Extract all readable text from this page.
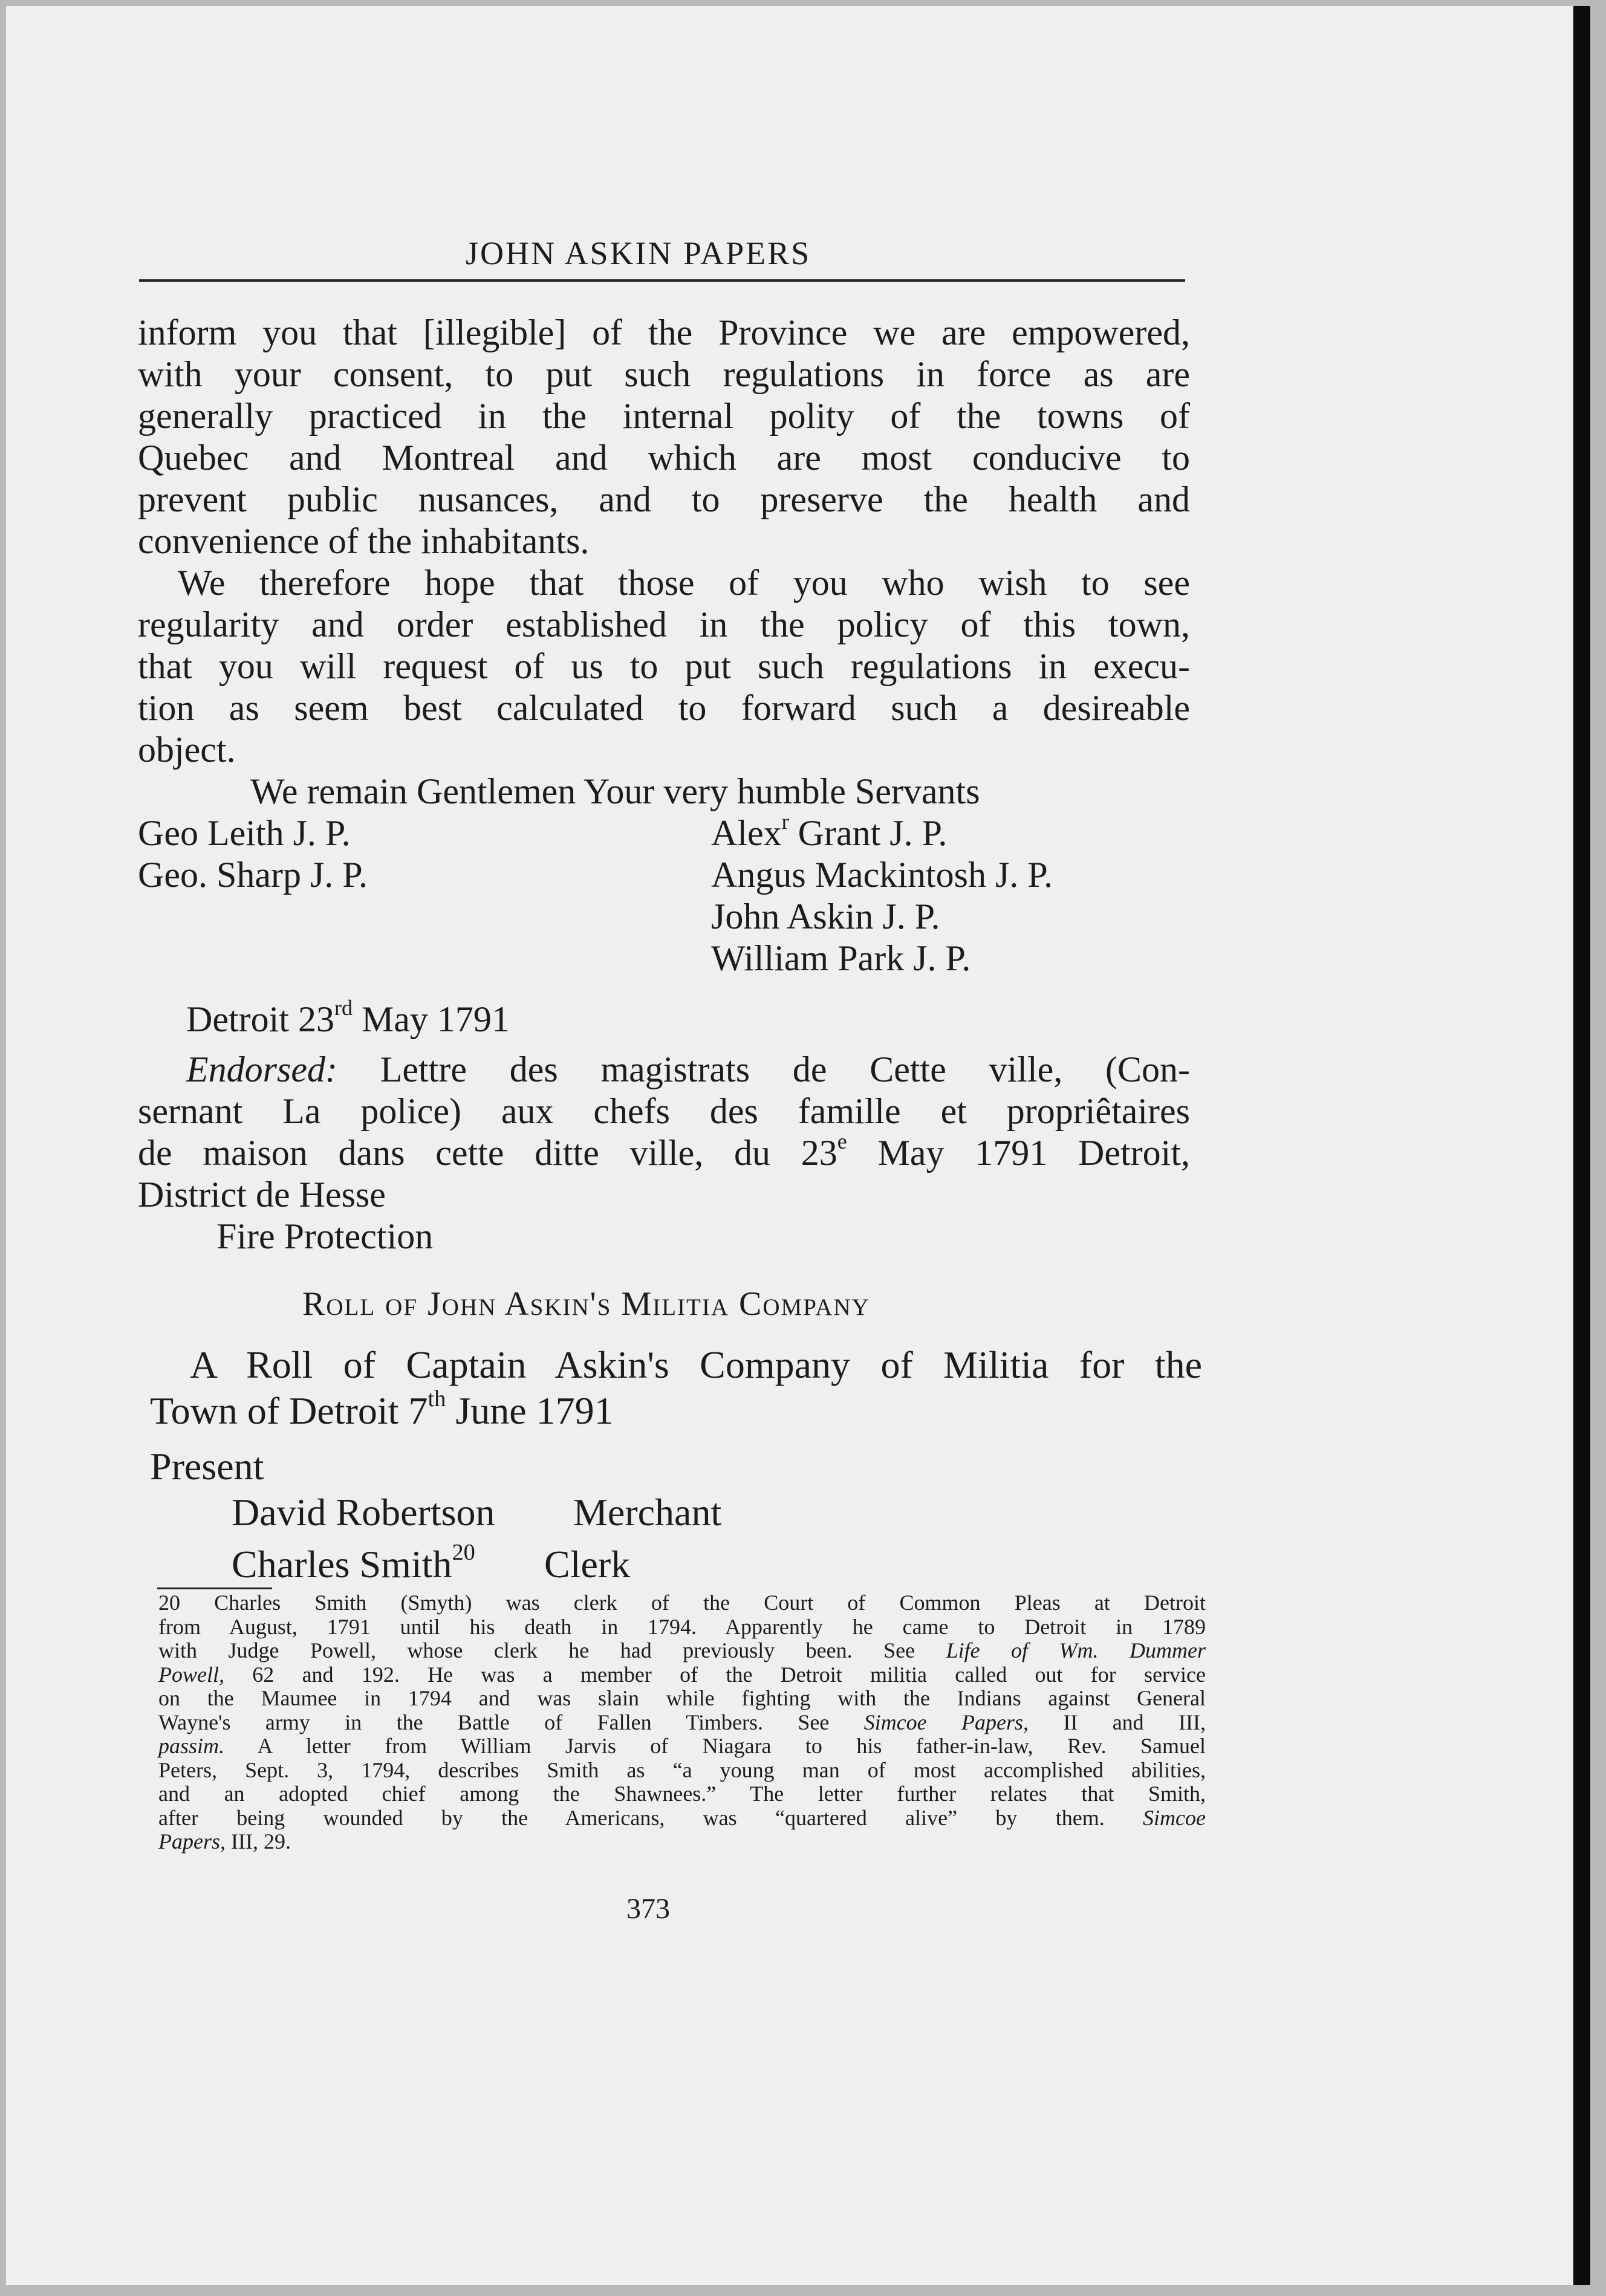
JOHN ASKIN PAPERS
inform you that [illegible] of the Province we are empowered,
with your consent, to put such regulations in force as are
generally practiced in the internal polity of the towns of
Quebec and Montreal and which are most conducive to
prevent public nusances, and to preserve the health and
convenience of the inhabitants.
We therefore hope that those of you who wish to see
regularity and order established in the policy of this town,
that you will request of us to put such regulations in execu-
tion as seem best calculated to forward such a desireable
object.
We remain Gentlemen Your very humble Servants
Geo Leith J. P.	Alex$^r$ Grant J. P.
Geo. Sharp J. P.	Angus Mackintosh J. P.
John Askin J. P.
William Park J. P.
Detroit 23rd May 1791
Endorsed: Lettre des magistrats de Cette ville, (Con-
sernant La police) aux chefs des famille et propriêtaires
de maison dans cette ditte ville, du 23e May 1791 Detroit,
District de Hesse
Fire Protection
Roll of John Askin's Militia Company
A Roll of Captain Askin's Company of Militia for the
Town of Detroit 7th June 1791
Present
David Robertson Merchant
Charles Smith$^{20}$ Clerk
20 Charles Smith (Smyth) was clerk of the Court of Common Pleas at Detroit
from August, 1791 until his death in 1794. Apparently he came to Detroit in 1789
with Judge Powell, whose clerk he had previously been. See Life of Wm. Dummer
Powell, 62 and 192. He was a member of the Detroit militia called out for service
on the Maumee in 1794 and was slain while fighting with the Indians against General
Wayne's army in the Battle of Fallen Timbers. See Simcoe Papers, II and III,
passim. A letter from William Jarvis of Niagara to his father-in-law, Rev. Samuel
Peters, Sept. 3, 1794, describes Smith as “a young man of most accomplished abilities,
and an adopted chief among the Shawnees.” The letter further relates that Smith,
after being wounded by the Americans, was “quartered alive” by them. Simcoe
Papers, III, 29.
373
